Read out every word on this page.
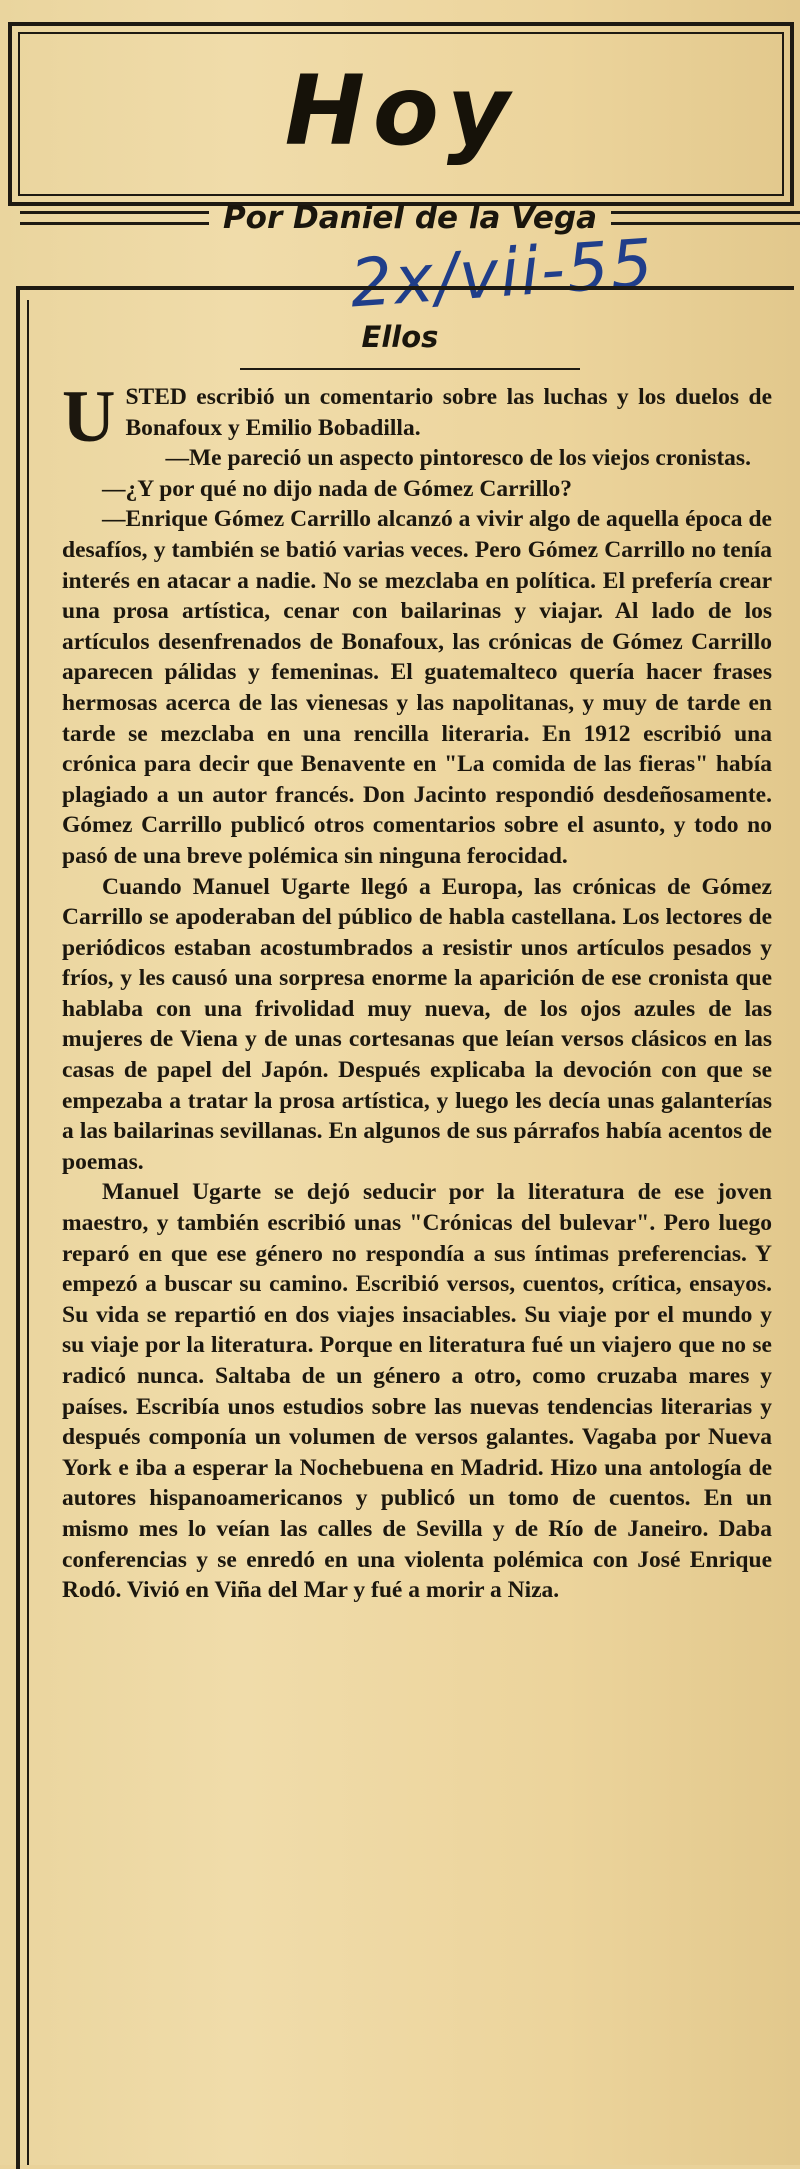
Hoy
Por Daniel de la Vega
2x/vii-55
Ellos

USTED escribió un comentario sobre las luchas y los duelos de Bonafoux y Emilio Bobadilla.

—Me pareció un aspecto pintoresco de los viejos cronistas.

—¿Y por qué no dijo nada de Gómez Carrillo?

—Enrique Gómez Carrillo alcanzó a vivir algo de aquella época de desafíos, y también se batió varias veces. Pero Gómez Carrillo no tenía interés en atacar a nadie. No se mezclaba en política. El prefería crear una prosa artística, cenar con bailarinas y viajar. Al lado de los artículos desenfrenados de Bonafoux, las crónicas de Gómez Carrillo aparecen pálidas y femeninas. El guatemalteco quería hacer frases hermosas acerca de las vienesas y las napolitanas, y muy de tarde en tarde se mezclaba en una rencilla literaria. En 1912 escribió una crónica para decir que Benavente en "La comida de las fieras" había plagiado a un autor francés. Don Jacinto respondió desdeñosamente. Gómez Carrillo publicó otros comentarios sobre el asunto, y todo no pasó de una breve polémica sin ninguna ferocidad.

Cuando Manuel Ugarte llegó a Europa, las crónicas de Gómez Carrillo se apoderaban del público de habla castellana. Los lectores de periódicos estaban acostumbrados a resistir unos artículos pesados y fríos, y les causó una sorpresa enorme la aparición de ese cronista que hablaba con una frivolidad muy nueva, de los ojos azules de las mujeres de Viena y de unas cortesanas que leían versos clásicos en las casas de papel del Japón. Después explicaba la devoción con que se empezaba a tratar la prosa artística, y luego les decía unas galanterías a las bailarinas sevillanas. En algunos de sus párrafos había acentos de poemas.

Manuel Ugarte se dejó seducir por la literatura de ese joven maestro, y también escribió unas "Crónicas del bulevar". Pero luego reparó en que ese género no respondía a sus íntimas preferencias. Y empezó a buscar su camino. Escribió versos, cuentos, crítica, ensayos. Su vida se repartió en dos viajes insaciables. Su viaje por el mundo y su viaje por la literatura. Porque en literatura fué un viajero que no se radicó nunca. Saltaba de un género a otro, como cruzaba mares y países. Escribía unos estudios sobre las nuevas tendencias literarias y después componía un volumen de versos galantes. Vagaba por Nueva York e iba a esperar la Nochebuena en Madrid. Hizo una antología de autores hispanoamericanos y publicó un tomo de cuentos. En un mismo mes lo veían las calles de Sevilla y de Río de Janeiro. Daba conferencias y se enredó en una violenta polémica con José Enrique Rodó. Vivió en Viña del Mar y fué a morir a Niza.
